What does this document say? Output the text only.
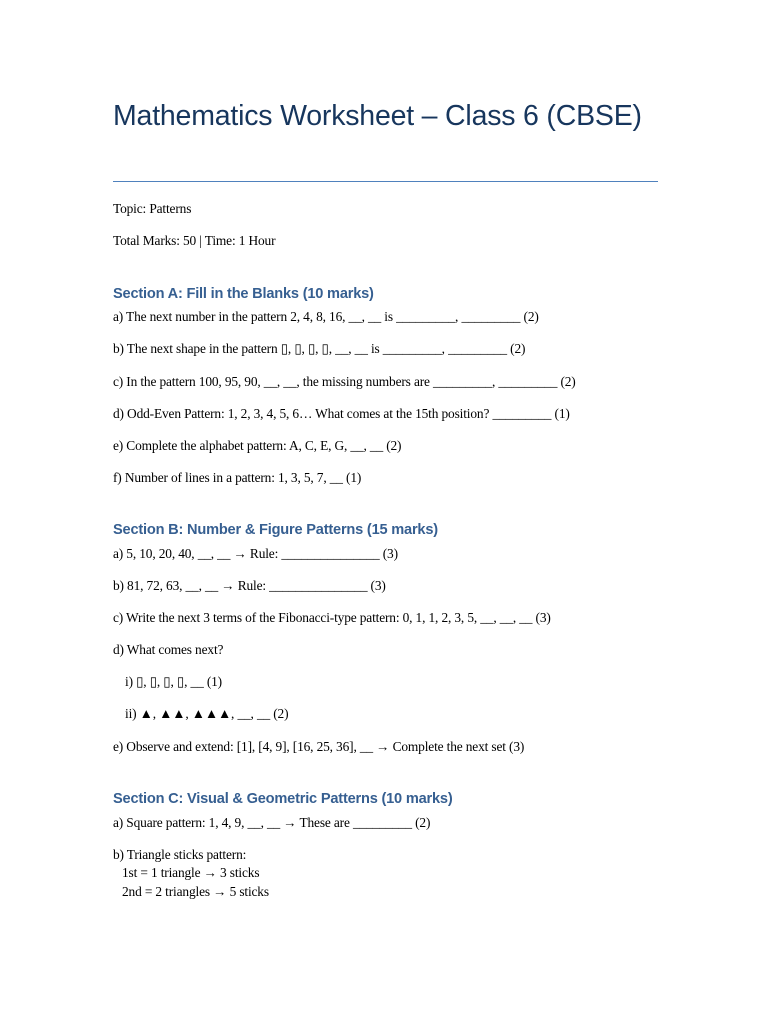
Mathematics Worksheet – Class 6 (CBSE)
Topic: Patterns
Total Marks: 50 | Time: 1 Hour
Section A: Fill in the Blanks (10 marks)
a) The next number in the pattern 2, 4, 8, 16, __, __ is _________, _________ (2)
b) The next shape in the pattern ▯, ▯, ▯, ▯, __, __ is _________, _________ (2)
c) In the pattern 100, 95, 90, __, __, the missing numbers are _________, _________ (2)
d) Odd-Even Pattern: 1, 2, 3, 4, 5, 6… What comes at the 15th position? _________ (1)
e) Complete the alphabet pattern: A, C, E, G, __, __ (2)
f) Number of lines in a pattern: 1, 3, 5, 7, __ (1)
Section B: Number & Figure Patterns (15 marks)
a) 5, 10, 20, 40, __, __ → Rule: _______________ (3)
b) 81, 72, 63, __, __ → Rule: _______________ (3)
c) Write the next 3 terms of the Fibonacci-type pattern: 0, 1, 1, 2, 3, 5, __, __, __ (3)
d) What comes next?
i) ▯, ▯, ▯, ▯, __ (1)
ii) ▲, ▲▲, ▲▲▲, __, __ (2)
e) Observe and extend: [1], [4, 9], [16, 25, 36], __ → Complete the next set (3)
Section C: Visual & Geometric Patterns (10 marks)
a) Square pattern: 1, 4, 9, __, __ → These are _________ (2)
b) Triangle sticks pattern:
1st = 1 triangle → 3 sticks
2nd = 2 triangles → 5 sticks
